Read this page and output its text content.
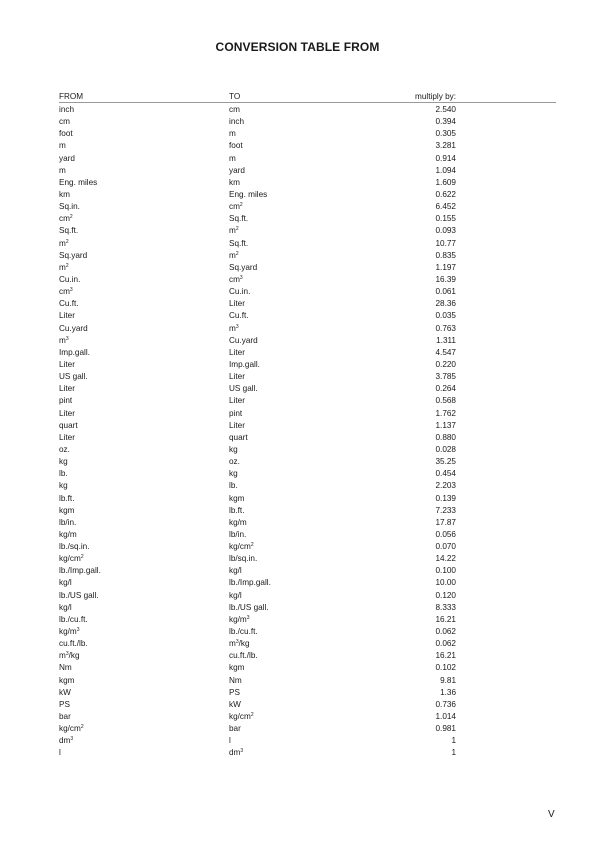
CONVERSION TABLE FROM
FROM	TO	multiply by:
inch	cm	2.540
cm	inch	0.394
foot	m	0.305
m	foot	3.281
yard	m	0.914
m	yard	1.094
Eng. miles	km	1.609
km	Eng. miles	0.622
Sq.in.	$cm^2$	6.452
$cm^2$	Sq.ft.	0.155
Sq.ft.	$m^2$	0.093
$m^2$	Sq.ft.	10.77
Sq.yard	$m^2$	0.835
$m^2$	Sq.yard	1.197
Cu.in.	$cm^3$	16.39
$cm^3$	Cu.in.	0.061
Cu.ft.	Liter	28.36
Liter	Cu.ft.	0.035
Cu.yard	$m^3$	0.763
$m^3$	Cu.yard	1.311
Imp.gall.	Liter	4.547
Liter	Imp.gall.	0.220
US gall.	Liter	3.785
Liter	US gall.	0.264
pint	Liter	0.568
Liter	pint	1.762
quart	Liter	1.137
Liter	quart	0.880
oz.	kg	0.028
kg	oz.	35.25
lb.	kg	0.454
kg	lb.	2.203
lb.ft.	kgm	0.139
kgm	lb.ft.	7.233
lb/in.	kg/m	17.87
kg/m	lb/in.	0.056
lb./sq.in.	$kg/cm^2$	0.070
$kg/cm^2$	lb/sq.in.	14.22
lb./Imp.gall.	kg/l	0.100
kg/l	lb./Imp.gall.	10.00
lb./US gall.	kg/l	0.120
kg/l	lb./US gall.	8.333
lb./cu.ft.	$kg/m^3$	16.21
$kg/m^3$	lb./cu.ft.	0.062
cu.ft./lb.	$m^3/kg$	0.062
$m^3/kg$	cu.ft./lb.	16.21
Nm	kgm	0.102
kgm	Nm	9.81
kW	PS	1.36
PS	kW	0.736
bar	$kg/cm^2$	1.014
$kg/cm^2$	bar	0.981
$dm^3$	l	1
l	$dm^3$	1
V
